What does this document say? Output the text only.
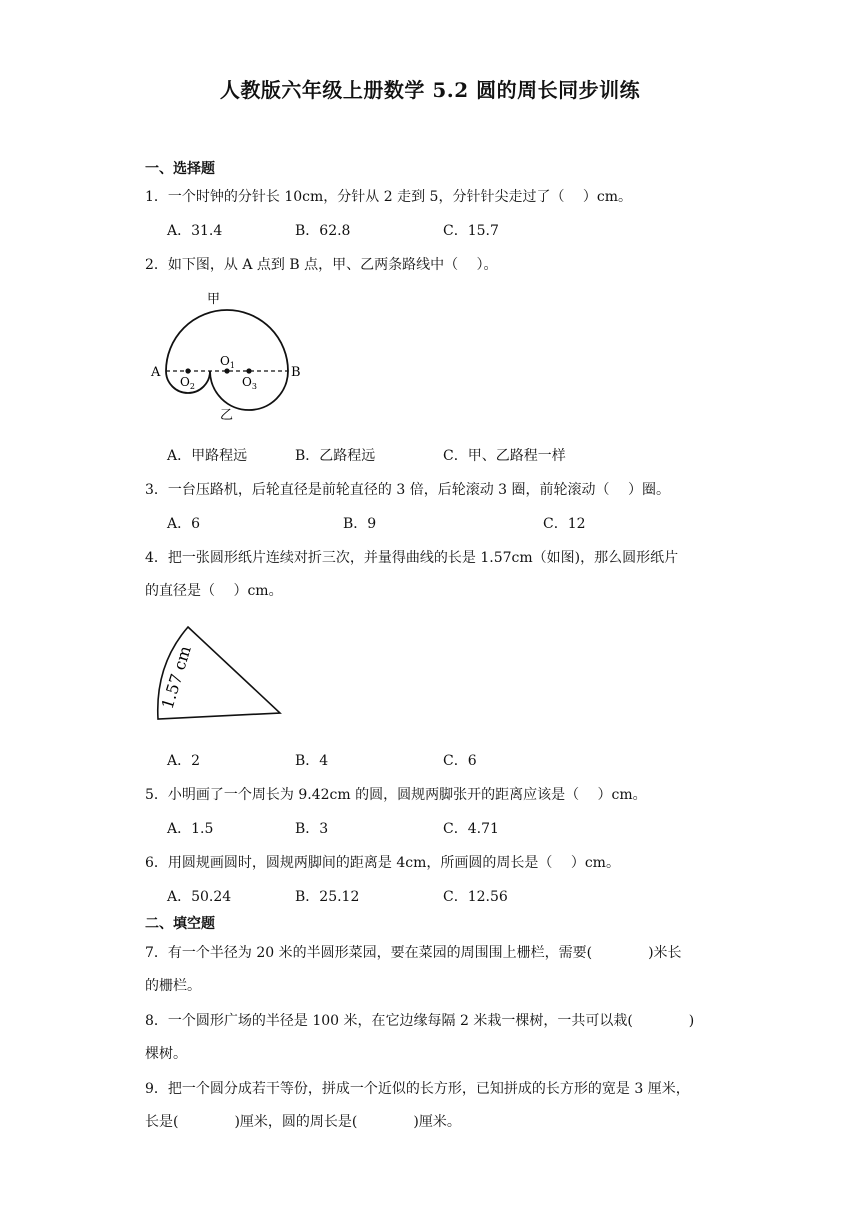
人教版六年级上册数学 5.2 圆的周长同步训练
一、选择题
1．一个时钟的分针长 10cm，分针从 2 走到 5，分针针尖走过了（　 ）cm。
A．31.4	B．62.8	C．15.7
2．如下图，从 A 点到 B 点，甲、乙两条路线中（　 ）。
甲
乙
A	B
$O_1$
$O_2$	$O_3$
A．甲路程远	B．乙路程远	C．甲、乙路程一样
3．一台压路机，后轮直径是前轮直径的 3 倍，后轮滚动 3 圈，前轮滚动（　 ）圈。
A．6	B．9	C．12
4．把一张圆形纸片连续对折三次，并量得曲线的长是 1.57cm（如图)，那么圆形纸片
的直径是（　 ）cm。
1.57 cm
A．2	B．4	C．6
5．小明画了一个周长为 9.42cm 的圆，圆规两脚张开的距离应该是（　 ）cm。
A．1.5	B．3	C．4.71
6．用圆规画圆时，圆规两脚间的距离是 4cm，所画圆的周长是（　 ）cm。
A．50.24	B．25.12	C．12.56
二、填空题
7．有一个半径为 20 米的半圆形菜园，要在菜园的周围围上栅栏，需要(　　　　)米长
的栅栏。
8．一个圆形广场的半径是 100 米，在它边缘每隔 2 米栽一棵树，一共可以栽(　　　　)
棵树。
9．把一个圆分成若干等份，拼成一个近似的长方形，已知拼成的长方形的宽是 3 厘米，
长是(　　　　)厘米，圆的周长是(　　　　)厘米。
